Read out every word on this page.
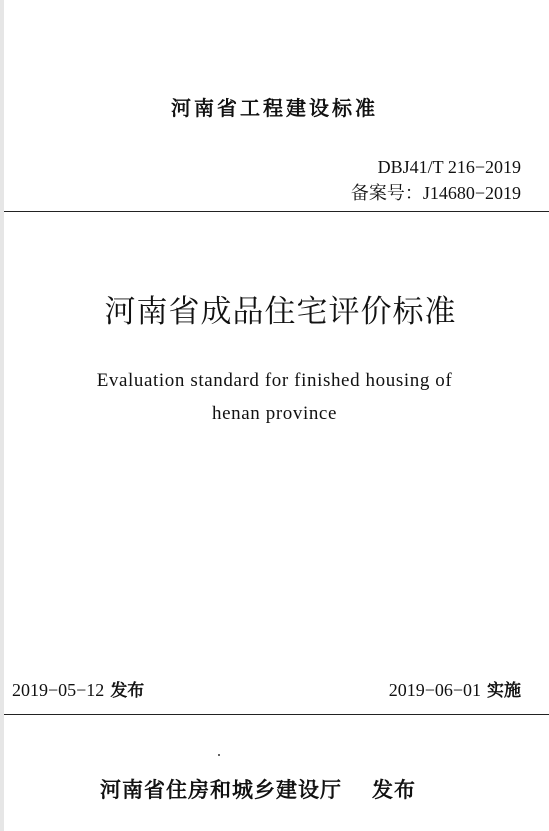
河南省工程建设标准
DBJ41/T 216−2019
备案号：J14680−2019
河南省成品住宅评价标准
Evaluation standard for finished housing of
henan province
2019−05−12 发布	2019−06−01 实施
河南省住房和城乡建设厅 发布
